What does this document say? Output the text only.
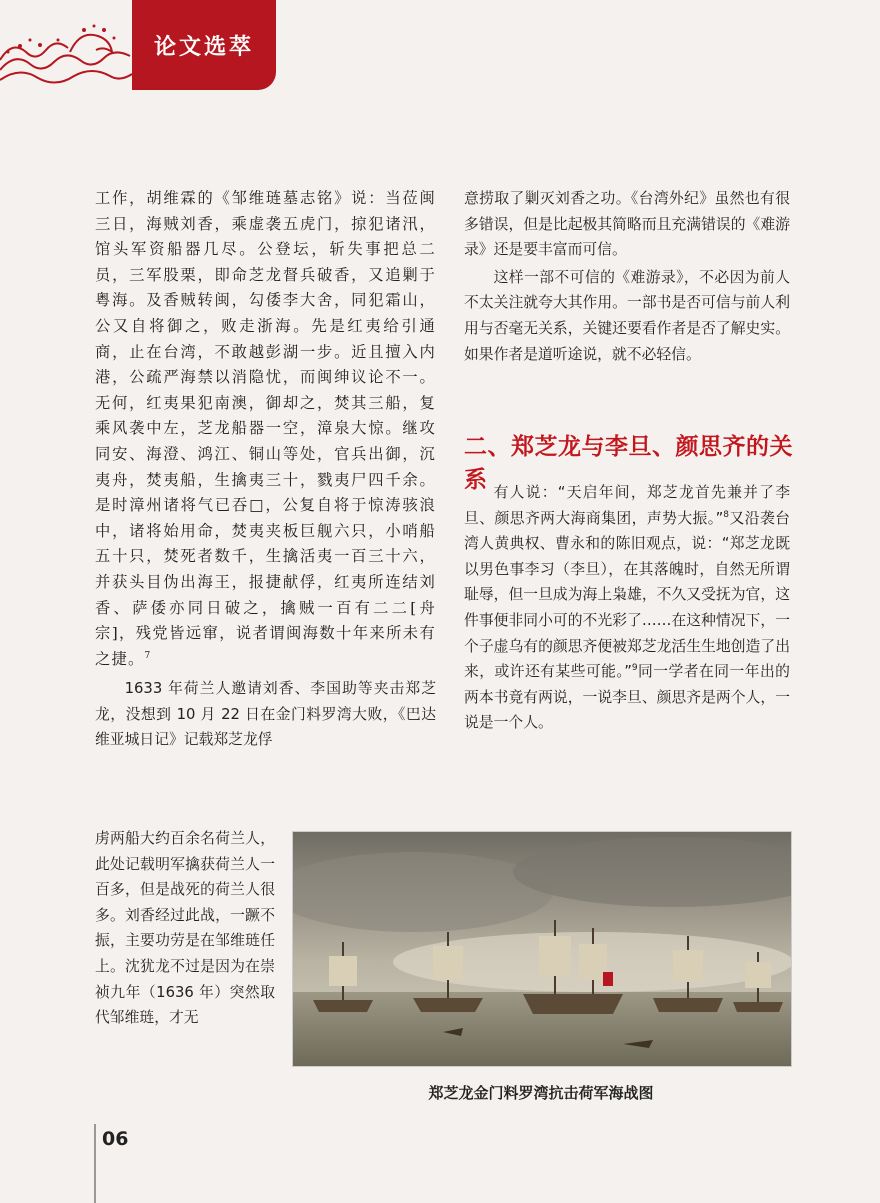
论文选萃

工作，胡维霖的《邹维琏墓志铭》说：当莅闽三日，海贼刘香，乘虚袭五虎门，掠犯诸汛，馆头军资船器几尽。公登坛，斩失事把总二员，三军股栗，即命芝龙督兵破香，又追剿于粤海。及香贼转闽，勾倭李大舍，同犯霜山，公又自将御之，败走浙海。先是红夷给引通商，止在台湾，不敢越彭湖一步。近且擅入内港，公疏严海禁以消隐忧，而闽绅议论不一。无何，红夷果犯南澳，御却之，焚其三船，复乘风袭中左，芝龙船器一空，漳泉大惊。继攻同安、海澄、鸿江、铜山等处，官兵出御，沉夷舟，焚夷船，生擒夷三十，戮夷尸四千余。是时漳州诸将气已吞□，公复自将于惊涛骇浪中，诸将始用命，焚夷夹板巨舰六只，小哨船五十只，焚死者数千，生擒活夷一百三十六，并获头目伪出海王，报捷献俘，红夷所连结刘香、萨倭亦同日破之，擒贼一百有二二[舟宗]，残党皆远窜，说者谓闽海数十年来所未有之捷。$^7$

1633 年荷兰人邀请刘香、李国助等夹击郑芝龙，没想到 10 月 22 日在金门料罗湾大败，《巴达维亚城日记》记载郑芝龙俘

虏两船大约百余名荷兰人，此处记载明军擒获荷兰人一百多，但是战死的荷兰人很多。刘香经过此战，一蹶不振，主要功劳是在邹维琏任上。沈犹龙不过是因为在崇祯九年（1636 年）突然取代邹维琏，才无

意捞取了剿灭刘香之功。《台湾外纪》虽然也有很多错误，但是比起极其简略而且充满错误的《难游录》还是要丰富而可信。

这样一部不可信的《难游录》，不必因为前人不太关注就夸大其作用。一部书是否可信与前人利用与否毫无关系，关键还要看作者是否了解史实。如果作者是道听途说，就不必轻信。

二、郑芝龙与李旦、颜思齐的关系 有人说：“天启年间，郑芝龙首先兼并了李旦、颜思齐两大海商集团，声势大振。”$^8$又沿袭台湾人黄典权、曹永和的陈旧观点，说：“郑芝龙既以男色事李习（李旦），在其落魄时，自然无所谓耻辱，但一旦成为海上枭雄，不久又受抚为官，这件事便非同小可的不光彩了……在这种情况下，一个子虚乌有的颜思齐便被郑芝龙活生生地创造了出来，或许还有某些可能。”$^9$同一学者在同一年出的两本书竟有两说，一说李旦、颜思齐是两个人，一说是一个人。

郑芝龙金门料罗湾抗击荷军海战图
06
